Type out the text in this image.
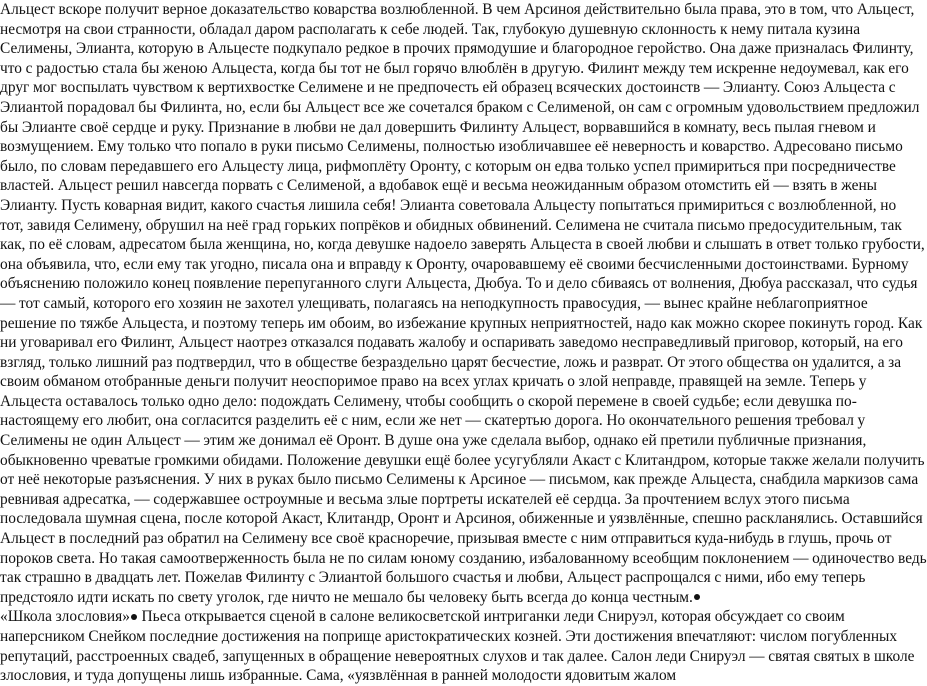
Альцест вскоре получит верное доказательство коварства возлюбленной. В чем Арсиноя действительно была права, это в том, что Альцест,
несмотря на свои странности, обладал даром располагать к себе людей. Так, глубокую душевную склонность к нему питала кузина
Селимены, Элианта, которую в Альцесте подкупало редкое в прочих прямодушие и благородное геройство. Она даже призналась Филинту,
что с радостью стала бы женою Альцеста, когда бы тот не был горячо влюблён в другую. Филинт между тем искренне недоумевал, как его
друг мог воспылать чувством к вертихвостке Селимене и не предпочесть ей образец всяческих достоинств — Элианту. Союз Альцеста с
Элиантой порадовал бы Филинта, но, если бы Альцест все же сочетался браком с Селименой, он сам с огромным удовольствием предложил
бы Элианте своё сердце и руку. Признание в любви не дал довершить Филинту Альцест, ворвавшийся в комнату, весь пылая гневом и
возмущением. Ему только что попало в руки письмо Селимены, полностью изобличавшее её неверность и коварство. Адресовано письмо
было, по словам передавшего его Альцесту лица, рифмоплёту Оронту, с которым он едва только успел примириться при посредничестве
властей. Альцест решил навсегда порвать с Селименой, а вдобавок ещё и весьма неожиданным образом отомстить ей — взять в жены
Элианту. Пусть коварная видит, какого счастья лишила себя! Элианта советовала Альцесту попытаться примириться с возлюбленной, но
тот, завидя Селимену, обрушил на неё град горьких попрёков и обидных обвинений. Селимена не считала письмо предосудительным, так
как, по её словам, адресатом была женщина, но, когда девушке надоело заверять Альцеста в своей любви и слышать в ответ только грубости,
она объявила, что, если ему так угодно, писала она и вправду к Оронту, очаровавшему её своими бесчисленными достоинствами. Бурному
объяснению положило конец появление перепуганного слуги Альцеста, Дюбуа. То и дело сбиваясь от волнения, Дюбуа рассказал, что судья
— тот самый, которого его хозяин не захотел улещивать, полагаясь на неподкупность правосудия, — вынес крайне неблагоприятное
решение по тяжбе Альцеста, и поэтому теперь им обоим, во избежание крупных неприятностей, надо как можно скорее покинуть город. Как
ни уговаривал его Филинт, Альцест наотрез отказался подавать жалобу и оспаривать заведомо несправедливый приговор, который, на его
взгляд, только лишний раз подтвердил, что в обществе безраздельно царят бесчестие, ложь и разврат. От этого общества он удалится, а за
своим обманом отобранные деньги получит неоспоримое право на всех углах кричать о злой неправде, правящей на земле. Теперь у
Альцеста оставалось только одно дело: подождать Селимену, чтобы сообщить о скорой перемене в своей судьбе; если девушка по-
настоящему его любит, она согласится разделить её с ним, если же нет — скатертью дорога. Но окончательного решения требовал у
Селимены не один Альцест — этим же донимал её Оронт. В душе она уже сделала выбор, однако ей претили публичные признания,
обыкновенно чреватые громкими обидами. Положение девушки ещё более усугубляли Акаст с Клитандром, которые также желали получить
от неё некоторые разъяснения. У них в руках было письмо Селимены к Арсиное — письмом, как прежде Альцеста, снабдила маркизов сама
ревнивая адресатка, — содержавшее остроумные и весьма злые портреты искателей её сердца. За прочтением вслух этого письма
последовала шумная сцена, после которой Акаст, Клитандр, Оронт и Арсиноя, обиженные и уязвлённые, спешно раскланялись. Оставшийся
Альцест в последний раз обратил на Селимену все своё красноречие, призывая вместе с ним отправиться куда-нибудь в глушь, прочь от
пороков света. Но такая самоотверженность была не по силам юному созданию, избалованному всеобщим поклонением — одиночество ведь
так страшно в двадцать лет. Пожелав Филинту с Элиантой большого счастья и любви, Альцест распрощался с ними, ибо ему теперь
предстояло идти искать по свету уголок, где ничто не мешало бы человеку быть всегда до конца честным.
«Школа злословия» Пьеса открывается сценой в салоне великосветской интриганки леди Снируэл, которая обсуждает со своим
наперсником Снейком последние достижения на поприще аристократических козней. Эти достижения впечатляют: числом погубленных
репутаций, расстроенных свадеб, запущенных в обращение невероятных слухов и так далее. Салон леди Снируэл — святая святых в школе
злословия, и туда допущены лишь избранные. Сама, «уязвлённая в ранней молодости ядовитым жалом
